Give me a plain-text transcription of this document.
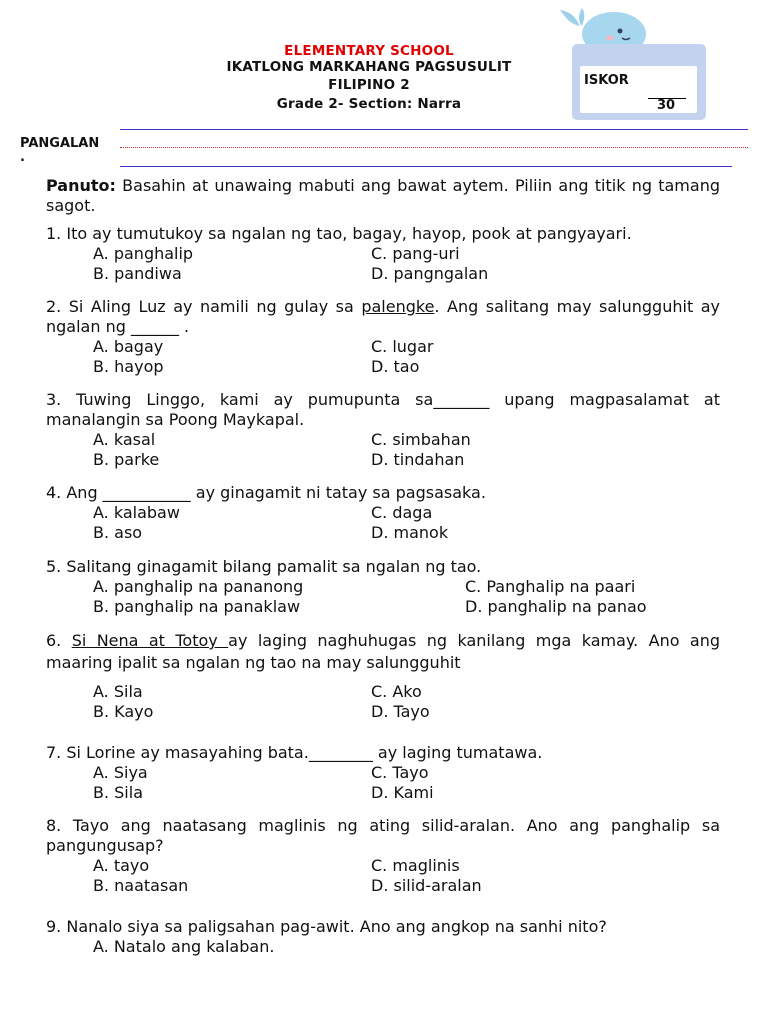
ELEMENTARY SCHOOL
IKATLONG MARKAHANG PAGSUSULIT
FILIPINO 2
Grade 2- Section: Narra
ISKOR
30
PANGALAN
.

Panuto: Basahin at unawaing mabuti ang bawat aytem. Piliin ang titik ng tamang sagot.

1. Ito ay tumutukoy sa ngalan ng tao, bagay, hayop, pook at pangyayari.
A. panghalip	C. pang-uri
B. pandiwa	D. pangngalan
2. Si Aling Luz ay namili ng gulay sa palengke. Ang salitang may salungguhit ay ngalan ng ______ .
A. bagay	C. lugar
B. hayop	D. tao
3. Tuwing Linggo, kami ay pumupunta sa_______ upang magpasalamat at manalangin sa Poong Maykapal.
A. kasal	C. simbahan
B. parke	D. tindahan
4. Ang ___________ ay ginagamit ni tatay sa pagsasaka.
A. kalabaw	C. daga
B. aso	D. manok
5. Salitang ginagamit bilang pamalit sa ngalan ng tao.
A. panghalip na pananong	C. Panghalip na paari
B. panghalip na panaklaw	D. panghalip na panao
6. Si Nena at Totoy ay laging naghuhugas ng kanilang mga kamay. Ano ang maaring ipalit sa ngalan ng tao na may salungguhit
A. Sila	C. Ako
B. Kayo	D. Tayo
7. Si Lorine ay masayahing bata.________ ay laging tumatawa.
A. Siya	C. Tayo
B. Sila	D. Kami
8. Tayo ang naatasang maglinis ng ating silid-aralan. Ano ang panghalip sa pangungusap?
A. tayo	C. maglinis
B. naatasan	D. silid-aralan
9. Nanalo siya sa paligsahan pag-awit. Ano ang angkop na sanhi nito?
A. Natalo ang kalaban.
